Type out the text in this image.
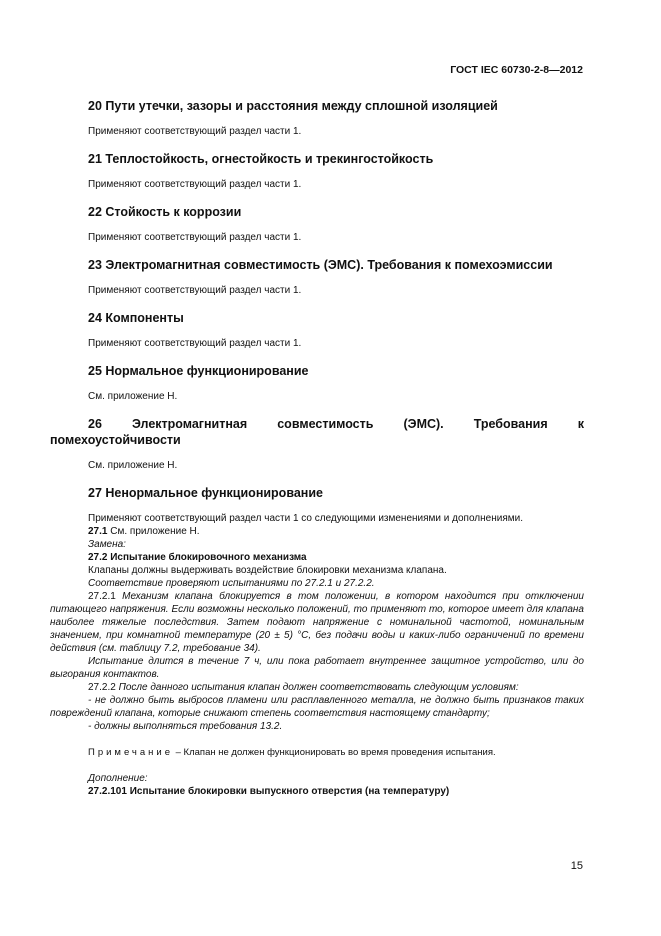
ГОСТ IEC 60730-2-8—2012
20 Пути утечки, зазоры и расстояния между сплошной изоляцией

Применяют соответствующий раздел части 1.

21 Теплостойкость, огнестойкость и трекингостойкость

Применяют соответствующий раздел части 1.

22 Стойкость к коррозии

Применяют соответствующий раздел части 1.

23 Электромагнитная совместимость (ЭМС). Требования к помехоэмиссии

Применяют соответствующий раздел части 1.

24 Компоненты

Применяют соответствующий раздел части 1.

25 Нормальное функционирование

См. приложение Н.

26 Электромагнитная совместимость (ЭМС). Требования к помехоустойчивости

См. приложение Н.

27 Ненормальное функционирование

Применяют соответствующий раздел части 1 со следующими изменениями и дополнениями.

27.1 См. приложение Н.

Замена:

27.2 Испытание блокировочного механизма

Клапаны должны выдерживать воздействие блокировки механизма клапана.

Соответствие проверяют испытаниями по 27.2.1 и 27.2.2.

27.2.1 Механизм клапана блокируется в том положении, в котором находится при отключении питающего напряжения. Если возможны несколько положений, то применяют то, которое имеет для клапана наиболее тяжелые последствия. Затем подают напряжение с номинальной частотой, номинальным значением, при комнатной температуре (20 ± 5) °С, без подачи воды и каких-либо ограничений по времени действия (см. таблицу 7.2, требование 34).

Испытание длится в течение 7 ч, или пока работает внутреннее защитное устройство, или до выгорания контактов.

27.2.2 После данного испытания клапан должен соответствовать следующим условиям:

- не должно быть выбросов пламени или расплавленного металла, не должно быть признаков таких повреждений клапана, которые снижают степень соответствия настоящему стандарту;

- должны выполняться требования 13.2.

Примечание – Клапан не должен функционировать во время проведения испытания.

Дополнение:

27.2.101 Испытание блокировки выпускного отверстия (на температуру)

15
